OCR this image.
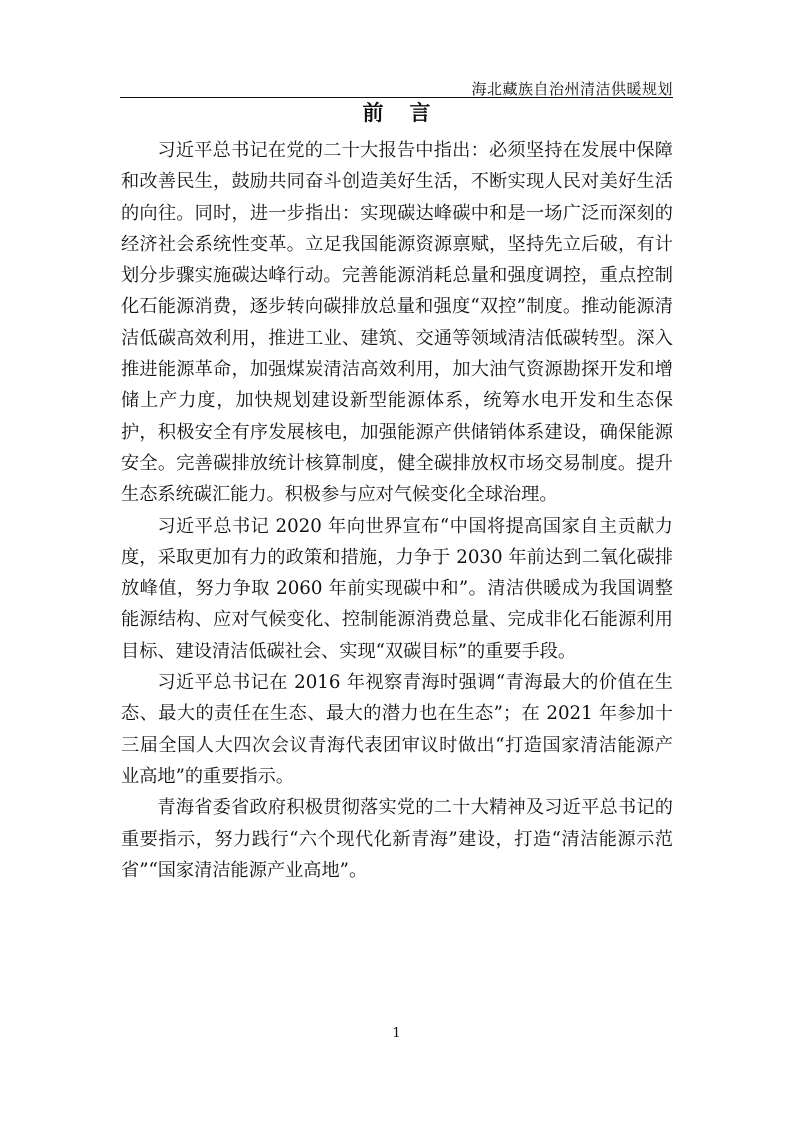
海北藏族自治州清洁供暖规划
前 言

习近平总书记在党的二十大报告中指出：必须坚持在发展中保障和改善民生，鼓励共同奋斗创造美好生活，不断实现人民对美好生活的向往。同时，进一步指出：实现碳达峰碳中和是一场广泛而深刻的经济社会系统性变革。立足我国能源资源禀赋，坚持先立后破，有计划分步骤实施碳达峰行动。完善能源消耗总量和强度调控，重点控制化石能源消费，逐步转向碳排放总量和强度“双控”制度。推动能源清洁低碳高效利用，推进工业、建筑、交通等领域清洁低碳转型。深入推进能源革命，加强煤炭清洁高效利用，加大油气资源勘探开发和增储上产力度，加快规划建设新型能源体系，统筹水电开发和生态保护，积极安全有序发展核电，加强能源产供储销体系建设，确保能源安全。完善碳排放统计核算制度，健全碳排放权市场交易制度。提升生态系统碳汇能力。积极参与应对气候变化全球治理。

习近平总书记 2020 年向世界宣布“中国将提高国家自主贡献力度，采取更加有力的政策和措施，力争于 2030 年前达到二氧化碳排放峰值，努力争取 2060 年前实现碳中和”。清洁供暖成为我国调整能源结构、应对气候变化、控制能源消费总量、完成非化石能源利用目标、建设清洁低碳社会、实现“双碳目标”的重要手段。

习近平总书记在 2016 年视察青海时强调“青海最大的价值在生态、最大的责任在生态、最大的潜力也在生态”；在 2021 年参加十三届全国人大四次会议青海代表团审议时做出“打造国家清洁能源产业高地”的重要指示。

青海省委省政府积极贯彻落实党的二十大精神及习近平总书记的重要指示，努力践行“六个现代化新青海”建设，打造“清洁能源示范省”“国家清洁能源产业高地”。

1
